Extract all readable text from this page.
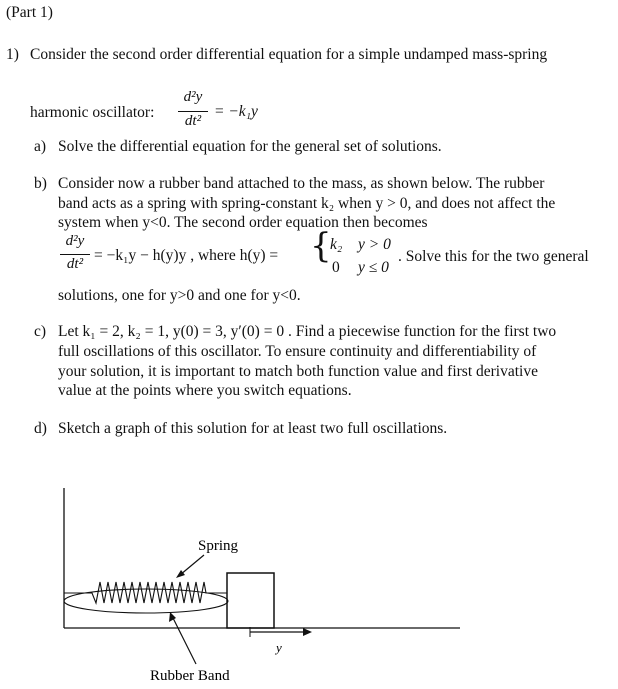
(Part 1)
1) Consider the second order differential equation for a simple undamped mass-spring
harmonic oscillator:
d²y
dt²
= −k₁y
a) Solve the differential equation for the general set of solutions.
b) Consider now a rubber band attached to the mass, as shown below. The rubber
band acts as a spring with spring-constant k₂ when y > 0, and does not affect the
system when y<0. The second order equation then becomes
d²y
dt² = −k₁y − h(y)y , where h(y) = {
k₂ y > 0
0 y ≤ 0
. Solve this for the two general
solutions, one for y>0 and one for y<0.
c) Let k₁ = 2, k₂ = 1, y(0) = 3, y′(0) = 0 . Find a piecewise function for the first two
full oscillations of this oscillator. To ensure continuity and differentiability of
your solution, it is important to match both function value and first derivative
value at the points where you switch equations.
d) Sketch a graph of this solution for at least two full oscillations.
Spring
Rubber Band
y
